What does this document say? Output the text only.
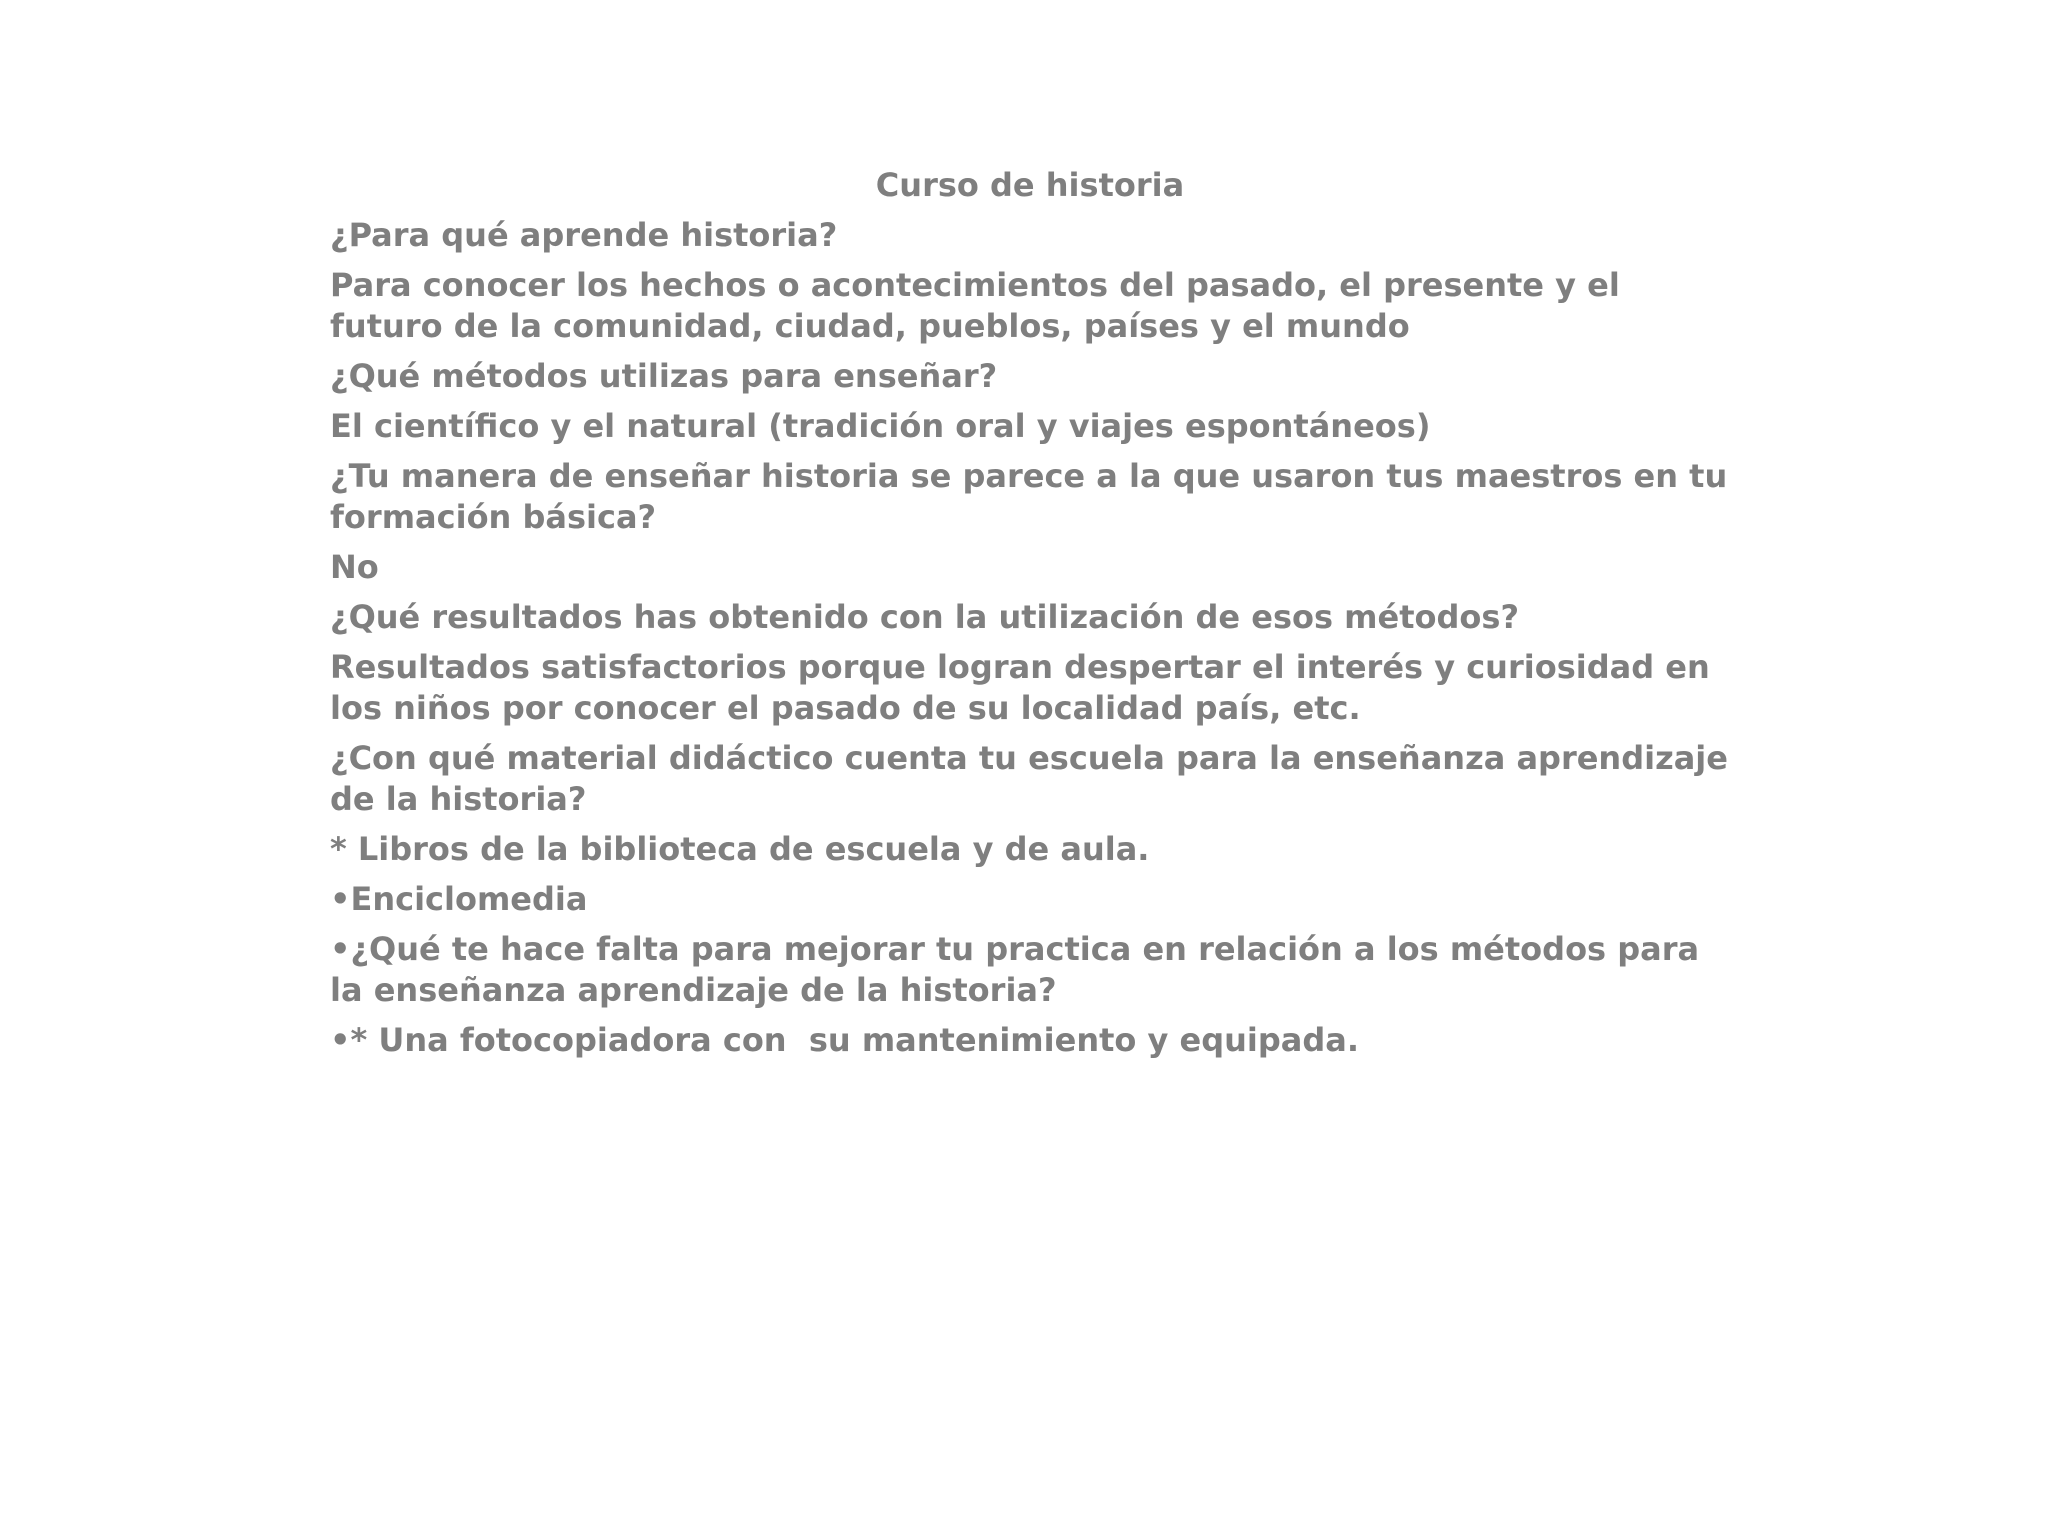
Curso de historia
¿Para qué aprende historia?
Para conocer los hechos o acontecimientos del pasado, el presente y el futuro de la comunidad, ciudad, pueblos, países y el mundo
¿Qué métodos utilizas para enseñar?
El científico y el natural (tradición oral y viajes espontáneos)
¿Tu manera de enseñar historia se parece a la que usaron tus maestros en tu formación básica?
No
¿Qué resultados has obtenido con la utilización de esos métodos?
Resultados satisfactorios porque logran despertar el interés y curiosidad en los niños por conocer el pasado de su localidad país, etc.
¿Con qué material didáctico cuenta tu escuela para la enseñanza aprendizaje de la historia?
* Libros de la biblioteca de escuela y de aula.
•Enciclomedia
•¿Qué te hace falta para mejorar tu practica en relación a los métodos para la enseñanza aprendizaje de la historia?
•* Una fotocopiadora con  su mantenimiento y equipada.
